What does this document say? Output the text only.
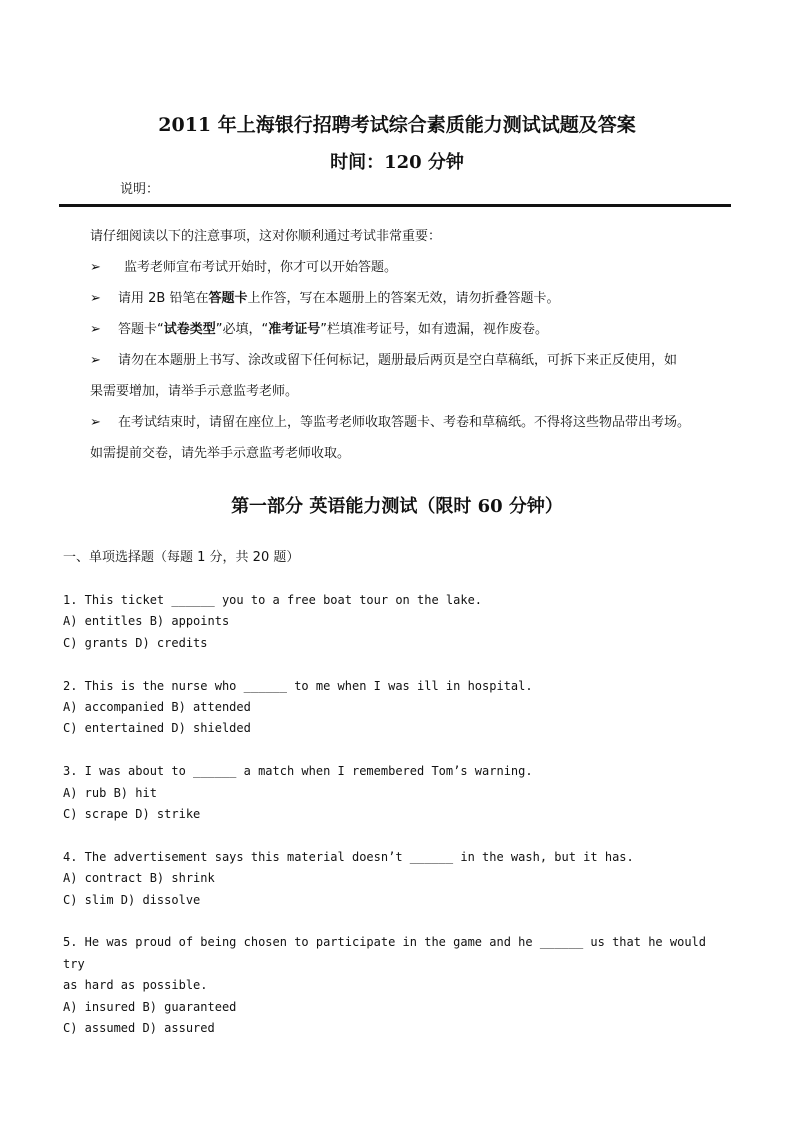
2011 年上海银行招聘考试综合素质能力测试试题及答案
时间：120 分钟
说明：

请仔细阅读以下的注意事项，这对你顺利通过考试非常重要：

➢ 监考老师宣布考试开始时，你才可以开始答题。

➢ 请用 2B 铅笔在答题卡上作答，写在本题册上的答案无效，请勿折叠答题卡。

➢ 答题卡“试卷类型”必填，“准考证号”栏填准考证号，如有遗漏，视作废卷。

➢ 请勿在本题册上书写、涂改或留下任何标记，题册最后两页是空白草稿纸，可拆下来正反使用，如
果需要增加，请举手示意监考老师。

➢ 在考试结束时，请留在座位上，等监考老师收取答题卡、考卷和草稿纸。不得将这些物品带出考场。
如需提前交卷，请先举手示意监考老师收取。

第一部分 英语能力测试（限时 60 分钟）
一、单项选择题（每题 1 分，共 20 题）
1. This ticket ______ you to a free boat tour on the lake.
A) entitles B) appoints
C) grants D) credits
2. This is the nurse who ______ to me when I was ill in hospital.
A) accompanied B) attended
C) entertained D) shielded
3. I was about to ______ a match when I remembered Tom’s warning.
A) rub B) hit
C) scrape D) strike
4. The advertisement says this material doesn’t ______ in the wash, but it has.
A) contract B) shrink
C) slim D) dissolve
5. He was proud of being chosen to participate in the game and he ______ us that he would try
as hard as possible.
A) insured B) guaranteed
C) assumed D) assured
